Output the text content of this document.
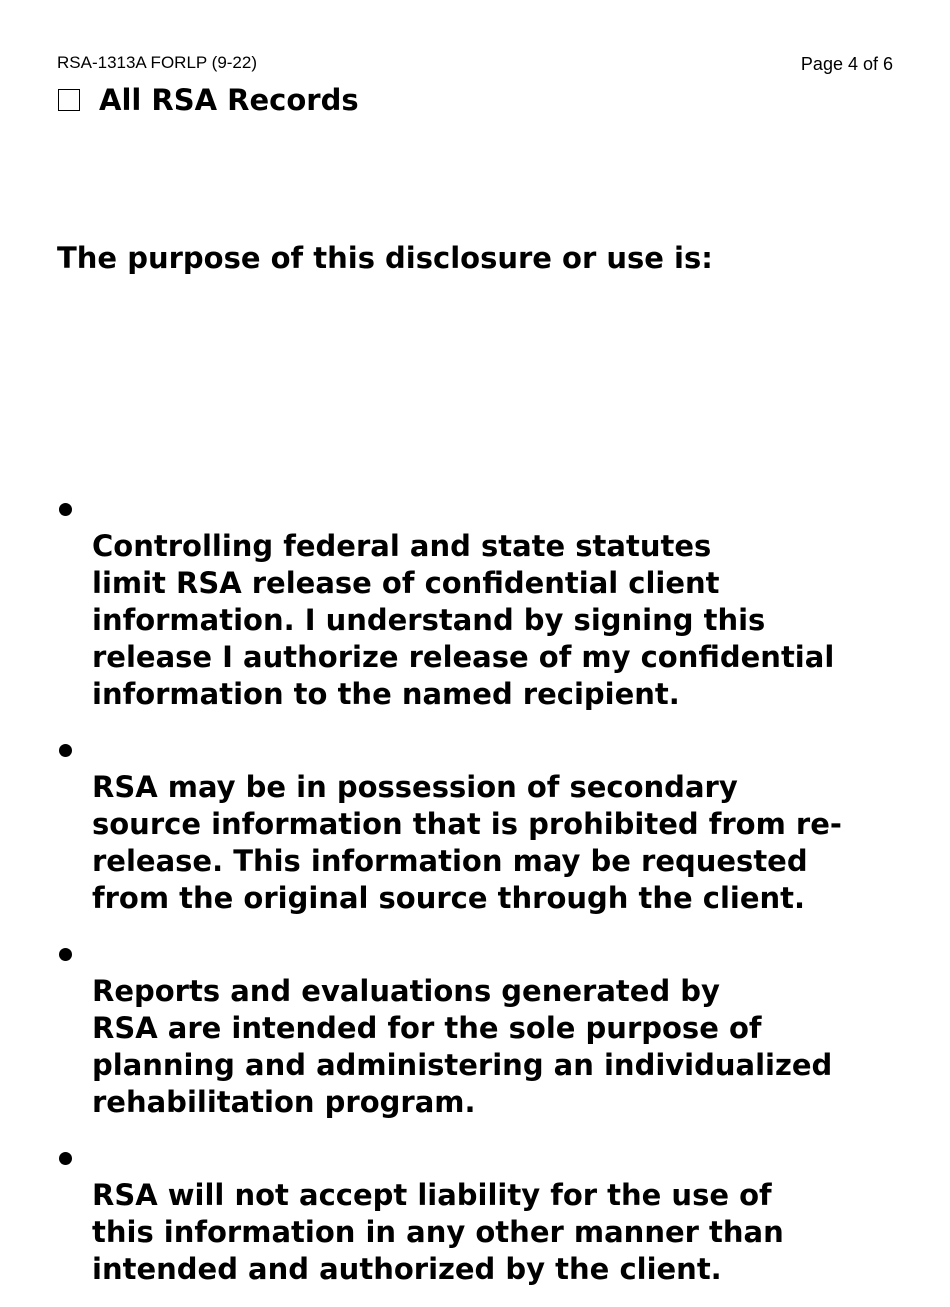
RSA-1313A FORLP (9-22)	Page 4 of 6
All RSA Records
The purpose of this disclosure or use is:

Controlling federal and state statutes
limit RSA release of confidential client
information. I understand by signing this
release I authorize release of my confidential
information to the named recipient.

RSA may be in possession of secondary
source information that is prohibited from re-
release. This information may be requested
from the original source through the client.

Reports and evaluations generated by
RSA are intended for the sole purpose of
planning and administering an individualized
rehabilitation program.

RSA will not accept liability for the use of
this information in any other manner than
intended and authorized by the client.
